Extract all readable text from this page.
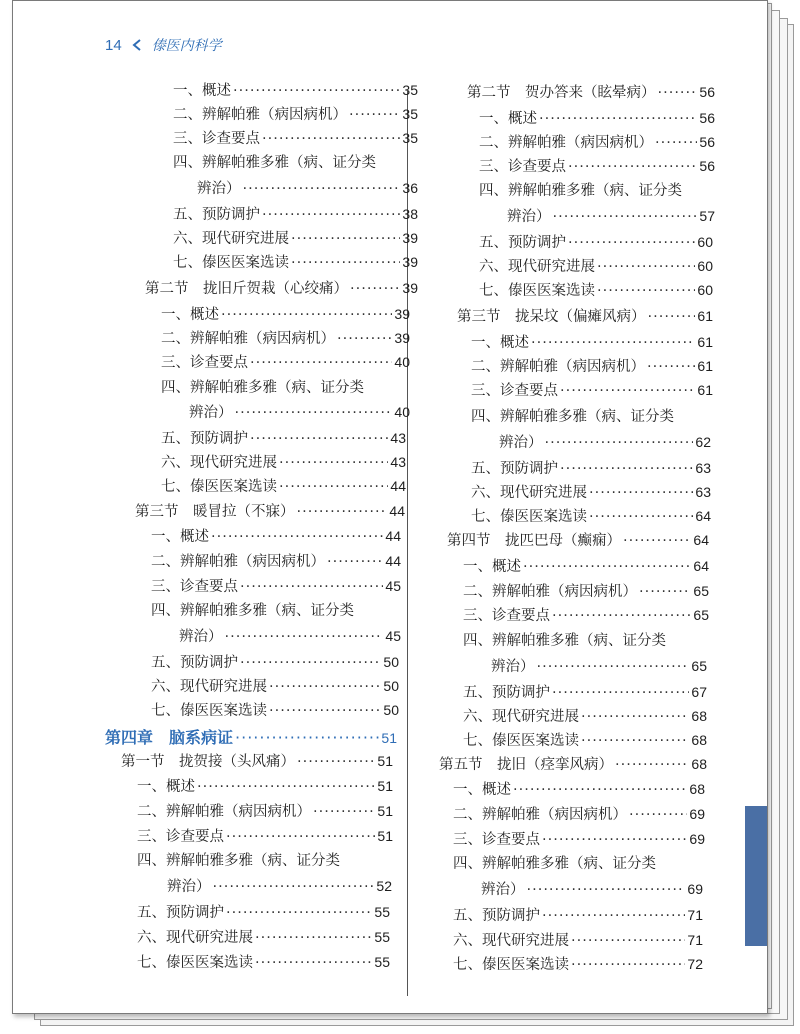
14 傣医内科学
一、概述 ·····	35
二、辨解帕雅（病因病机） ·····	35
三、诊查要点 ·····	35
四、辨解帕雅多雅（病、证分类
辨治） ·····	36
五、预防调护 ·····	38
六、现代研究进展 ·····	39
七、傣医医案选读 ·····	39
第二节　拢旧斤贺栽（心绞痛） ·····	39
一、概述 ·····	39
二、辨解帕雅（病因病机） ·····	39
三、诊查要点 ·····	40
四、辨解帕雅多雅（病、证分类
辨治） ·····	40
五、预防调护 ·····	43
六、现代研究进展 ·····	43
七、傣医医案选读 ·····	44
第三节　暖冒拉（不寐） ·····	44
一、概述 ·····	44
二、辨解帕雅（病因病机） ·····	44
三、诊查要点 ·····	45
四、辨解帕雅多雅（病、证分类
辨治） ·····	45
五、预防调护 ·····	50
六、现代研究进展 ·····	50
七、傣医医案选读 ·····	50
第四章　脑系病证 ·····	51
第一节　拢贺接（头风痛） ·····	51
一、概述 ·····	51
二、辨解帕雅（病因病机） ·····	51
三、诊查要点 ·····	51
四、辨解帕雅多雅（病、证分类
辨治） ·····	52
五、预防调护 ·····	55
六、现代研究进展 ·····	55
七、傣医医案选读 ·····	55
第二节　贺办答来（眩晕病） ·····	56
一、概述 ·····	56
二、辨解帕雅（病因病机） ·····	56
三、诊查要点 ·····	56
四、辨解帕雅多雅（病、证分类
辨治） ·····	57
五、预防调护 ·····	60
六、现代研究进展 ·····	60
七、傣医医案选读 ·····	60
第三节　拢呆坟（偏瘫风病） ·····	61
一、概述 ·····	61
二、辨解帕雅（病因病机） ·····	61
三、诊查要点 ·····	61
四、辨解帕雅多雅（病、证分类
辨治） ·····	62
五、预防调护 ·····	63
六、现代研究进展 ·····	63
七、傣医医案选读 ·····	64
第四节　拢匹巴母（癫痫） ·····	64
一、概述 ·····	64
二、辨解帕雅（病因病机） ·····	65
三、诊查要点 ·····	65
四、辨解帕雅多雅（病、证分类
辨治） ·····	65
五、预防调护 ·····	67
六、现代研究进展 ·····	68
七、傣医医案选读 ·····	68
第五节　拢旧（痉挛风病） ·····	68
一、概述 ·····	68
二、辨解帕雅（病因病机） ·····	69
三、诊查要点 ·····	69
四、辨解帕雅多雅（病、证分类
辨治） ·····	69
五、预防调护 ·····	71
六、现代研究进展 ·····	71
七、傣医医案选读 ·····	72
